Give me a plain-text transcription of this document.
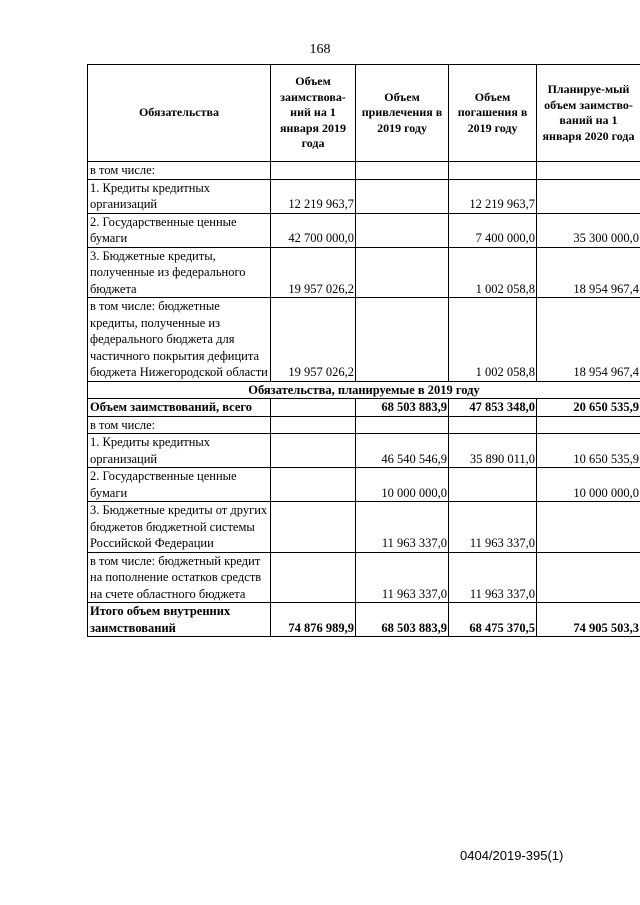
168
Обязательства	Объем заимствова-ний на 1 января 2019 года	Объем привлечения в 2019 году	Объем погашения в 2019 году	Планируе-мый объем заимство-ваний на 1 января 2020 года
в том числе:				
1. Кредиты кредитных организаций	12 219 963,7		12 219 963,7	
2. Государственные ценные бумаги	42 700 000,0		7 400 000,0	35 300 000,0
3. Бюджетные кредиты, полученные из федерального бюджета	19 957 026,2		1 002 058,8	18 954 967,4
в том числе: бюджетные кредиты, полученные из федерального бюджета для частичного покрытия дефицита бюджета Нижегородской области	19 957 026,2		1 002 058,8	18 954 967,4
Обязательства, планируемые в 2019 году				
Объем заимствований, всего		68 503 883,9	47 853 348,0	20 650 535,9
в том числе:				
1. Кредиты кредитных организаций		46 540 546,9	35 890 011,0	10 650 535,9
2. Государственные ценные бумаги		10 000 000,0		10 000 000,0
3. Бюджетные кредиты от других бюджетов бюджетной системы Российской Федерации		11 963 337,0	11 963 337,0	
в том числе: бюджетный кредит на пополнение остатков средств на счете областного бюджета		11 963 337,0	11 963 337,0	
Итого объем внутренних заимствований	74 876 989,9	68 503 883,9	68 475 370,5	74 905 503,3
0404/2019-395(1)
